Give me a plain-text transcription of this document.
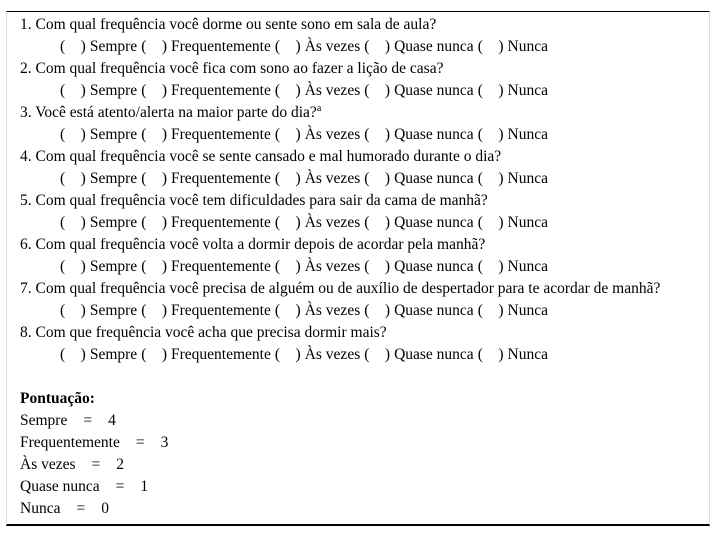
1. Com qual frequência você dorme ou sente sono em sala de aula?
(    ) Sempre (    ) Frequentemente (    ) Às vezes (    ) Quase nunca (    ) Nunca
2. Com qual frequência você fica com sono ao fazer a lição de casa?
(    ) Sempre (    ) Frequentemente (    ) Às vezes (    ) Quase nunca (    ) Nunca
3. Você está atento/alerta na maior parte do dia?$^a$
(    ) Sempre (    ) Frequentemente (    ) Às vezes (    ) Quase nunca (    ) Nunca
4. Com qual frequência você se sente cansado e mal humorado durante o dia?
(    ) Sempre (    ) Frequentemente (    ) Às vezes (    ) Quase nunca (    ) Nunca
5. Com qual frequência você tem dificuldades para sair da cama de manhã?
(    ) Sempre (    ) Frequentemente (    ) Às vezes (    ) Quase nunca (    ) Nunca
6. Com qual frequência você volta a dormir depois de acordar pela manhã?
(    ) Sempre (    ) Frequentemente (    ) Às vezes (    ) Quase nunca (    ) Nunca
7. Com qual frequência você precisa de alguém ou de auxílio de despertador para te acordar de manhã?
(    ) Sempre (    ) Frequentemente (    ) Às vezes (    ) Quase nunca (    ) Nunca
8. Com que frequência você acha que precisa dormir mais?
(    ) Sempre (    ) Frequentemente (    ) Às vezes (    ) Quase nunca (    ) Nunca
Pontuação:
Sempre = 4
Frequentemente = 3
Às vezes = 2
Quase nunca = 1
Nunca = 0
